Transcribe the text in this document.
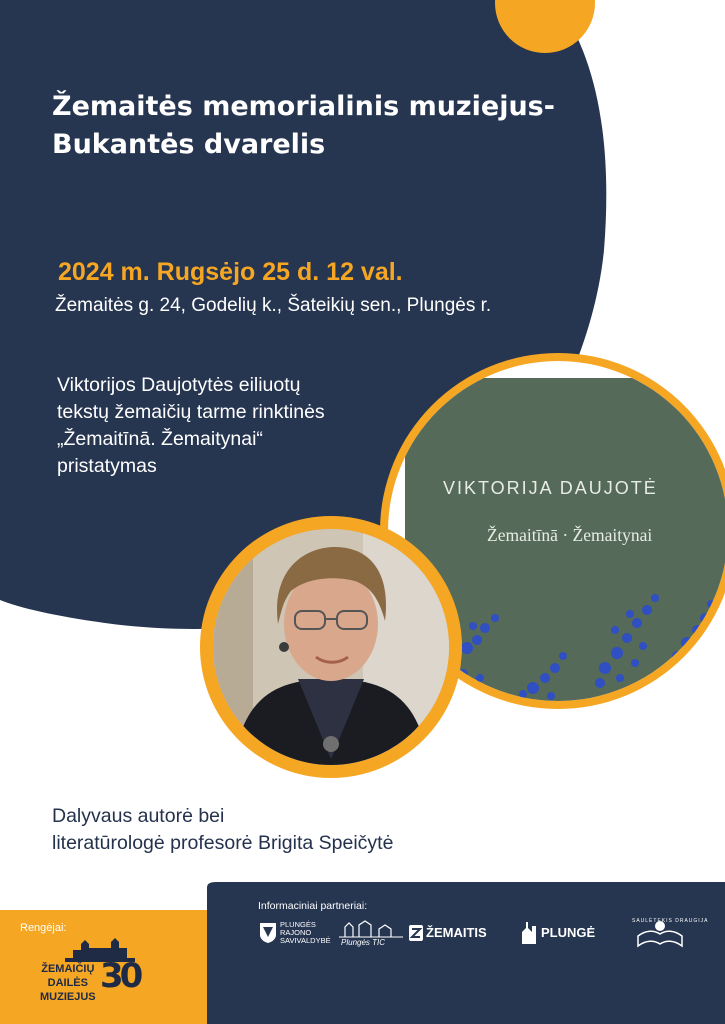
Žemaitės memorialinis muziejus-
Bukantės dvarelis
2024 m. Rugsėjo 25 d. 12 val.
Žemaitės g. 24, Godelių k., Šateikių sen., Plungės r.
Viktorijos Daujotytės eiliuotų
tekstų žemaičių tarme rinktinės
„Žemaitīnā. Žemaitynai“
pristatymas
VIKTORIJA DAUJOTĖ
Žemaitīnā · Žemaitynai
Dalyvaus autorė bei
literatūrologė profesorė Brigita Speičytė
Rengėjai:
ŽEMAIČIŲ
DAILĖS
MUZIEJUS
30
Informaciniai partneriai:
PLUNGĖS RAJONO SAVIVALDYBĖ	Plungės TIC
ŽEMAITIS	PLUNGĖ
SAULĖTEKIS DRAUGIJA
